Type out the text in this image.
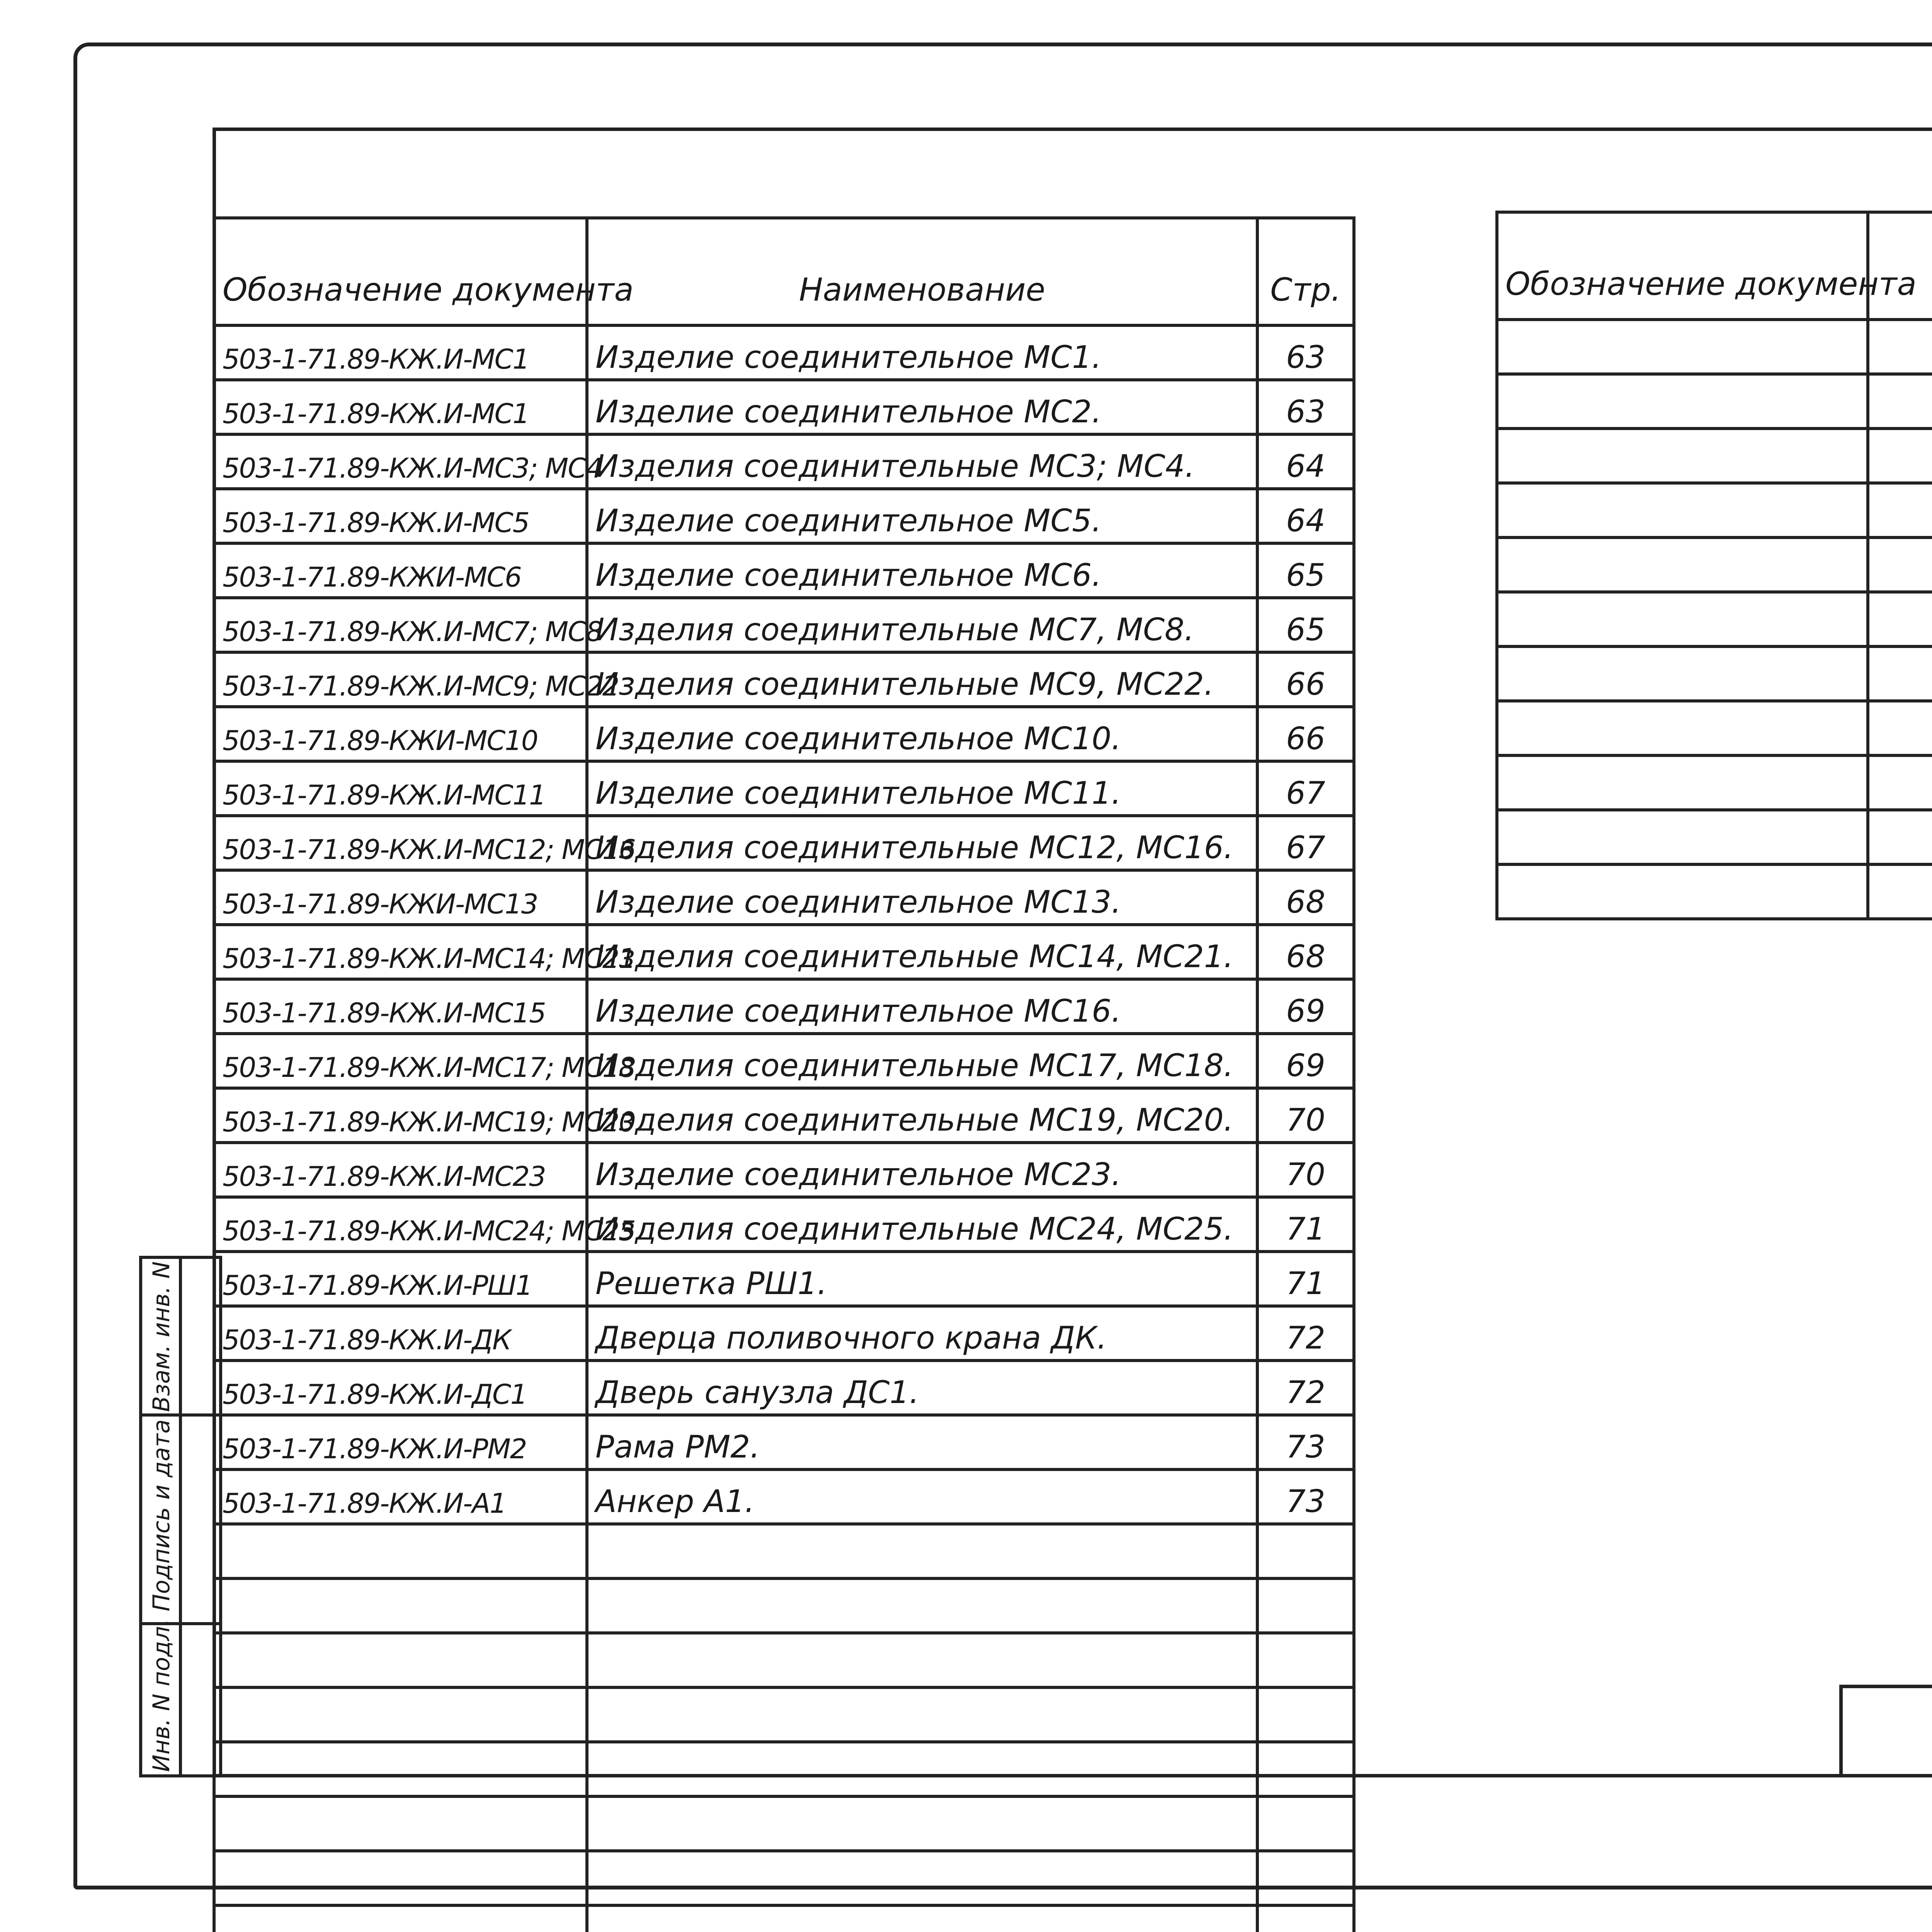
Обозначение документа	Наименование	Стр.
503-1-71.89-КЖ.И-МС1	Изделие соединительное МС1.	63
503-1-71.89-КЖ.И-МС1	Изделие соединительное МС2.	63
503-1-71.89-КЖ.И-МС3; МС4	Изделия соединительные МС3; МС4.	64
503-1-71.89-КЖ.И-МС5	Изделие соединительное МС5.	64
503-1-71.89-КЖИ-МС6	Изделие соединительное МС6.	65
503-1-71.89-КЖ.И-МС7; МС8	Изделия соединительные МС7, МС8.	65
503-1-71.89-КЖ.И-МС9; МС22	Изделия соединительные МС9, МС22.	66
503-1-71.89-КЖИ-МС10	Изделие соединительное МС10.	66
503-1-71.89-КЖ.И-МС11	Изделие соединительное МС11.	67
503-1-71.89-КЖ.И-МС12; МС16	Изделия соединительные МС12, МС16.	67
503-1-71.89-КЖИ-МС13	Изделие соединительное МС13.	68
503-1-71.89-КЖ.И-МС14; МС21	Изделия соединительные МС14, МС21.	68
503-1-71.89-КЖ.И-МС15	Изделие соединительное МС16.	69
503-1-71.89-КЖ.И-МС17; МС18	Изделия соединительные МС17, МС18.	69
503-1-71.89-КЖ.И-МС19; МС20	Изделия соединительные МС19, МС20.	70
503-1-71.89-КЖ.И-МС23	Изделие соединительное МС23.	70
503-1-71.89-КЖ.И-МС24; МС25	Изделия соединительные МС24, МС25.	71
503-1-71.89-КЖ.И-РШ1	Решетка РШ1.	71
503-1-71.89-КЖ.И-ДК	Дверца поливочного крана ДК.	72
503-1-71.89-КЖ.И-ДС1	Дверь санузла ДС1.	72
503-1-71.89-КЖ.И-РМ2	Рама РМ2.	73
503-1-71.89-КЖ.И-А1	Анкер А1.	73

Обозначение документа		

Инв. N подл. Подпись и дата Взам. инв. N
